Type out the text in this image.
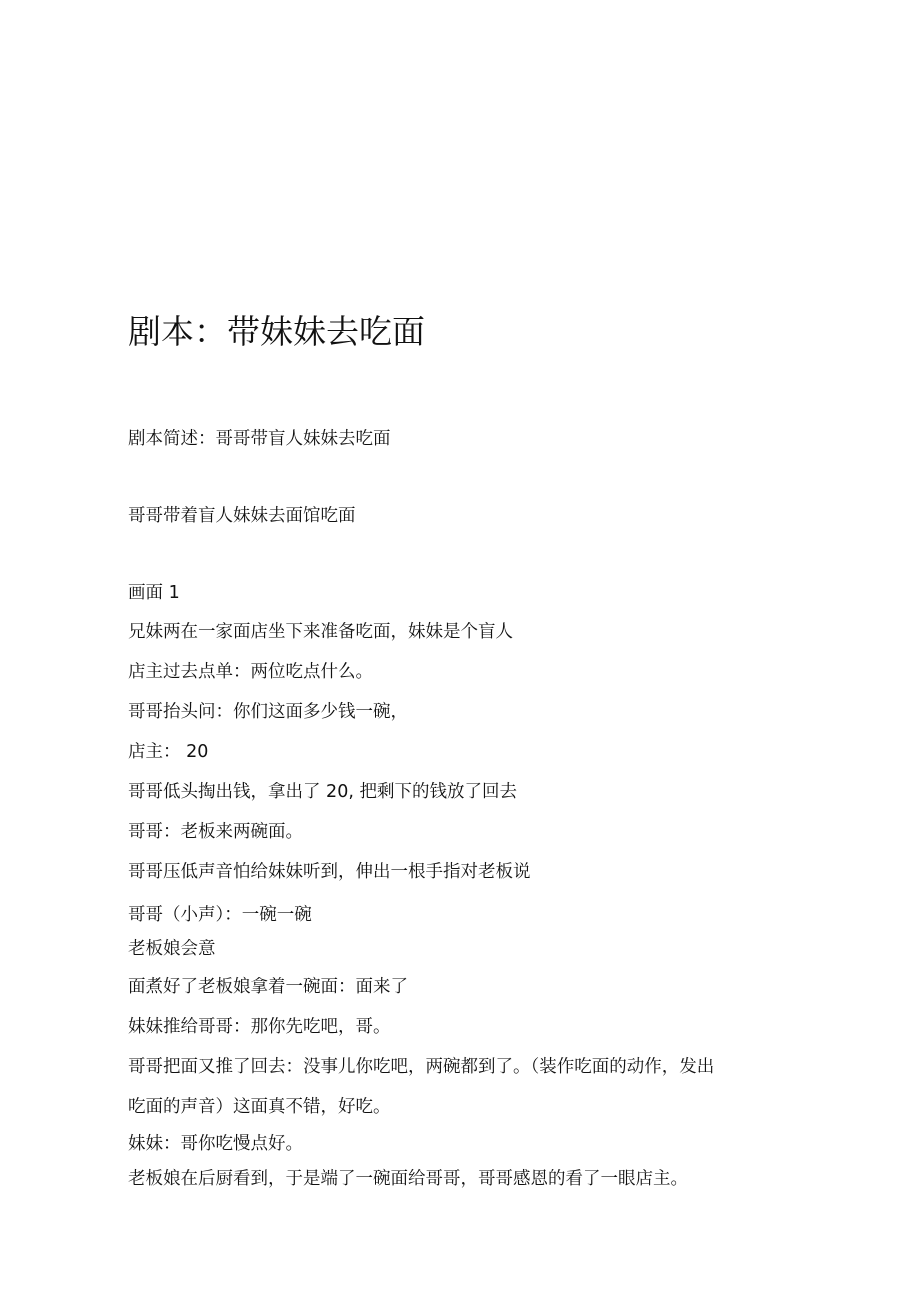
剧本：带妹妹去吃面

剧本简述：哥哥带盲人妹妹去吃面

哥哥带着盲人妹妹去面馆吃面

画面 1

兄妹两在一家面店坐下来准备吃面，妹妹是个盲人

店主过去点单：两位吃点什么。

哥哥抬头问：你们这面多少钱一碗，

店主： 20

哥哥低头掏出钱，拿出了 20, 把剩下的钱放了回去

哥哥：老板来两碗面。

哥哥压低声音怕给妹妹听到，伸出一根手指对老板说

哥哥（小声）：一碗一碗

老板娘会意

面煮好了老板娘拿着一碗面：面来了

妹妹推给哥哥：那你先吃吧，哥。

哥哥把面又推了回去：没事儿你吃吧，两碗都到了。（装作吃面的动作，发出

吃面的声音）这面真不错，好吃。

妹妹：哥你吃慢点好。

老板娘在后厨看到，于是端了一碗面给哥哥，哥哥感恩的看了一眼店主。
